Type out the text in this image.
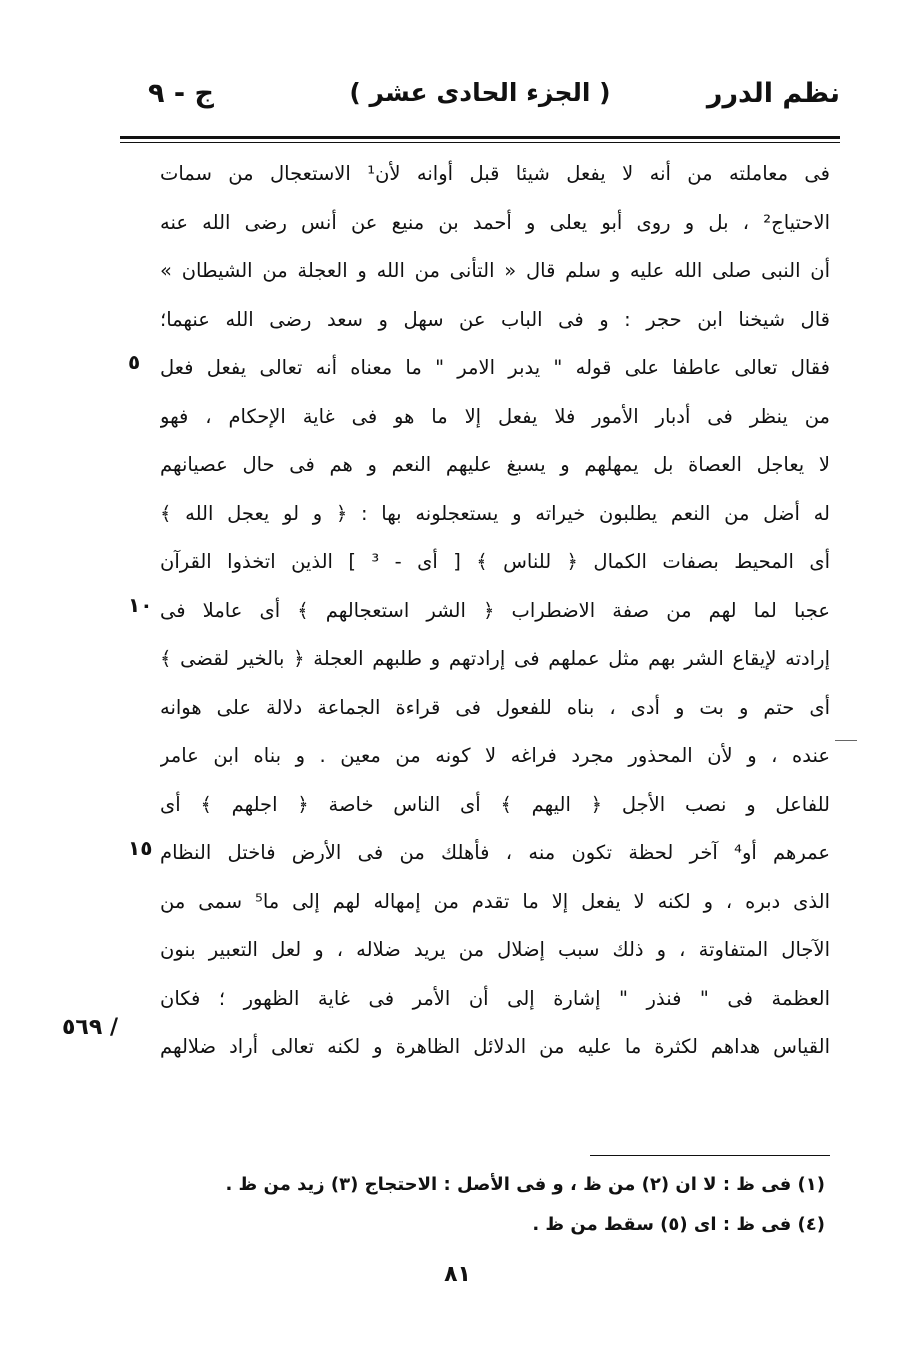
نظم الدرر
( الجزء الحادى عشر )
ج - ٩
فى معاملته من أنه لا يفعل شيئا قبل أوانه لأن¹ الاستعجال من سمات
الاحتياج² ، بل و روى أبو يعلى و أحمد بن منيع عن أنس رضى الله عنه
أن النبى صلى الله عليه و سلم قال « التأنى من الله و العجلة من الشيطان »
قال شيخنا ابن حجر : و فى الباب عن سهل و سعد رضى الله عنهما؛
فقال تعالى عاطفا على قوله " يدبر الامر " ما معناه أنه تعالى يفعل فعل
من ينظر فى أدبار الأمور فلا يفعل إلا ما هو فى غاية الإحكام ، فهو
لا يعاجل العصاة بل يمهلهم و يسبغ عليهم النعم و هم فى حال عصيانهم
له أضل من النعم يطلبون خيراته و يستعجلونه بها : ﴿ و لو يعجل الله ﴾
أى المحيط بصفات الكمال ﴿ للناس ﴾ [ أى - ³ ] الذين اتخذوا القرآن
عجبا لما لهم من صفة الاضطراب ﴿ الشر استعجالهم ﴾ أى عاملا فى
إرادته لإيقاع الشر بهم مثل عملهم فى إرادتهم و طلبهم العجلة ﴿ بالخير لقضى ﴾
أى حتم و بت و أدى ، بناه للفعول فى قراءة الجماعة دلالة على هوانه
عنده ، و لأن المحذور مجرد فراغه لا كونه من معين . و بناه ابن عامر
للفاعل و نصب الأجل ﴿ اليهم ﴾ أى الناس خاصة ﴿ اجلهم ﴾ أى
عمرهم أو⁴ آخر لحظة تكون منه ، فأهلك من فى الأرض فاختل النظام
الذى دبره ، و لكنه لا يفعل إلا ما تقدم من إمهاله لهم إلى ما⁵ سمى من
الآجال المتفاوتة ، و ذلك سبب إضلال من يريد ضلاله ، و لعل التعبير بنون
العظمة فى " فنذر " إشارة إلى أن الأمر فى غاية الظهور ؛ فكان
القياس هداهم لكثرة ما عليه من الدلائل الظاهرة و لكنه تعالى أراد ضلالهم
٥
١٠
١٥
٥٦٩ /
(١) فى ظ : لا ان (٢) من ظ ، و فى الأصل : الاحتجاج (٣) زيد من ظ .
(٤) فى ظ : اى (٥) سقط من ظ .
٨١
